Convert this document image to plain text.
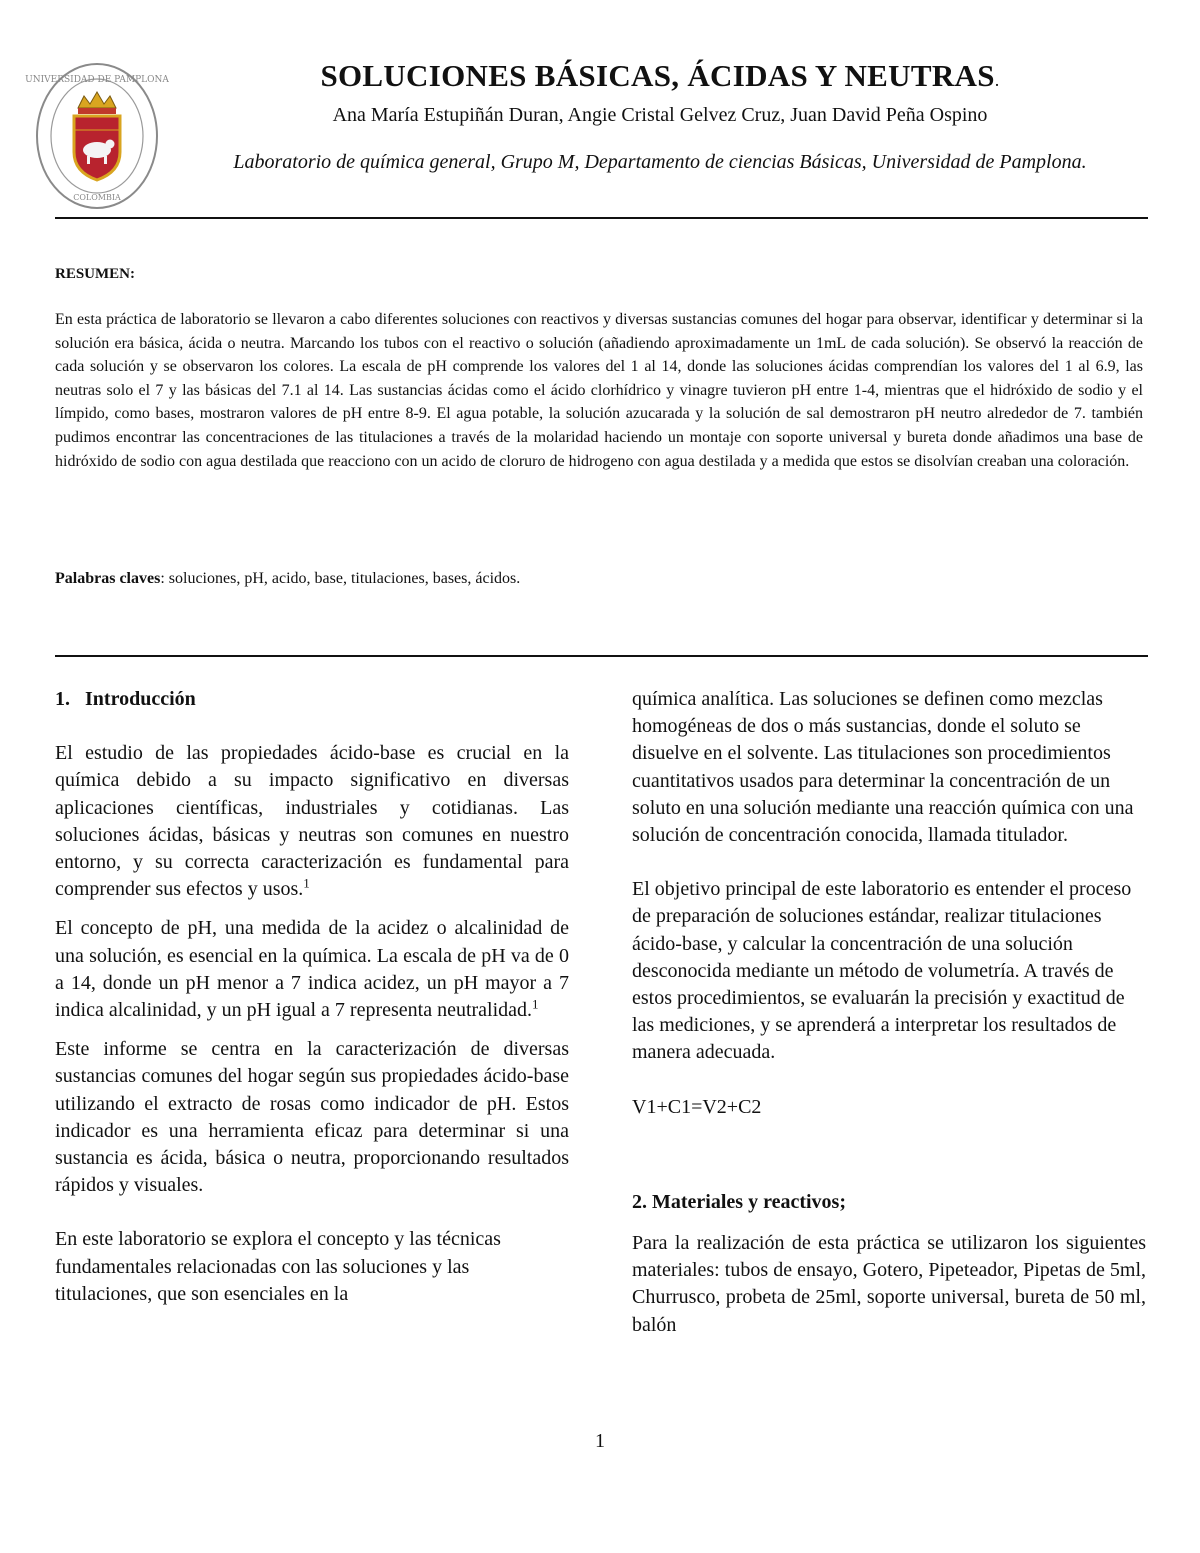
UNIVERSIDAD DE PAMPLONA
COLOMBIA
SOLUCIONES BÁSICAS, ÁCIDAS Y NEUTRAS.
Ana María Estupiñán Duran, Angie Cristal Gelvez Cruz, Juan David Peña Ospino
Laboratorio de química general, Grupo M, Departamento de ciencias Básicas, Universidad de Pamplona.
RESUMEN:

En esta práctica de laboratorio se llevaron a cabo diferentes soluciones con reactivos y diversas sustancias comunes del hogar para observar, identificar y determinar si la solución era básica, ácida o neutra. Marcando los tubos con el reactivo o solución (añadiendo aproximadamente un 1mL de cada solución). Se observó la reacción de cada solución y se observaron los colores. La escala de pH comprende los valores del 1 al 14, donde las soluciones ácidas comprendían los valores del 1 al 6.9, las neutras solo el 7 y las básicas del 7.1 al 14. Las sustancias ácidas como el ácido clorhídrico y vinagre tuvieron pH entre 1-4, mientras que el hidróxido de sodio y el límpido, como bases, mostraron valores de pH entre 8-9. El agua potable, la solución azucarada y la solución de sal demostraron pH neutro alrededor de 7. también pudimos encontrar las concentraciones de las titulaciones a través de la molaridad haciendo un montaje con soporte universal y bureta donde añadimos una base de hidróxido de sodio con agua destilada que reacciono con un acido de cloruro de hidrogeno con agua destilada y a medida que estos se disolvían creaban una coloración.

Palabras claves: soluciones, pH, acido, base, titulaciones, bases, ácidos.

1.   Introducción

El estudio de las propiedades ácido-base es crucial en la química debido a su impacto significativo en diversas aplicaciones científicas, industriales y cotidianas. Las soluciones ácidas, básicas y neutras son comunes en nuestro entorno, y su correcta caracterización es fundamental para comprender sus efectos y usos.$^1$

El concepto de pH, una medida de la acidez o alcalinidad de una solución, es esencial en la química. La escala de pH va de 0 a 14, donde un pH menor a 7 indica acidez, un pH mayor a 7 indica alcalinidad, y un pH igual a 7 representa neutralidad.$^1$

Este informe se centra en la caracterización de diversas sustancias comunes del hogar según sus propiedades ácido-base utilizando el extracto de rosas como indicador de pH. Estos indicador es una herramienta eficaz para determinar si una sustancia es ácida, básica o neutra, proporcionando resultados rápidos y visuales.

En este laboratorio se explora el concepto y las técnicas fundamentales relacionadas con las soluciones y las titulaciones, que son esenciales en la

química analítica. Las soluciones se definen como mezclas homogéneas de dos o más sustancias, donde el soluto se disuelve en el solvente. Las titulaciones son procedimientos cuantitativos usados para determinar la concentración de un soluto en una solución mediante una reacción química con una solución de concentración conocida, llamada titulador.

El objetivo principal de este laboratorio es entender el proceso de preparación de soluciones estándar, realizar titulaciones ácido-base, y calcular la concentración de una solución desconocida mediante un método de volumetría. A través de estos procedimientos, se evaluarán la precisión y exactitud de las mediciones, y se aprenderá a interpretar los resultados de manera adecuada.

V1+C1=V2+C2

2. Materiales y reactivos;

Para la realización de esta práctica se utilizaron los siguientes materiales: tubos de ensayo, Gotero, Pipeteador, Pipetas de 5ml, Churrusco, probeta de 25ml, soporte universal, bureta de 50 ml, balón

1
